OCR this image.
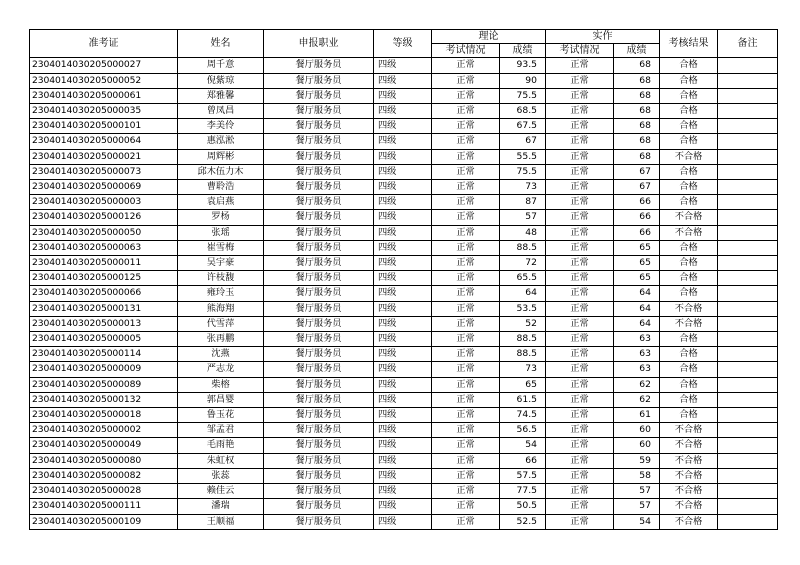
准考证	姓名	申报职业	等级	理论		实作		考核结果	备注
				考试情况	成绩	考试情况	成绩		
2304014030205000027	周千意	餐厅服务员	四级	正常	93.5	正常	68	合格	
2304014030205000052	倪紫琼	餐厅服务员	四级	正常	90	正常	68	合格	
2304014030205000061	郑雅馨	餐厅服务员	四级	正常	75.5	正常	68	合格	
2304014030205000035	曾凤昌	餐厅服务员	四级	正常	68.5	正常	68	合格	
2304014030205000101	李美伶	餐厅服务员	四级	正常	67.5	正常	68	合格	
2304014030205000064	惠泓淞	餐厅服务员	四级	正常	67	正常	68	合格	
2304014030205000021	周辉彬	餐厅服务员	四级	正常	55.5	正常	68	不合格	
2304014030205000073	邱木伍力木	餐厅服务员	四级	正常	75.5	正常	67	合格	
2304014030205000069	曹聆浩	餐厅服务员	四级	正常	73	正常	67	合格	
2304014030205000003	袁启燕	餐厅服务员	四级	正常	87	正常	66	合格	
2304014030205000126	罗杨	餐厅服务员	四级	正常	57	正常	66	不合格	
2304014030205000050	张瑶	餐厅服务员	四级	正常	48	正常	66	不合格	
2304014030205000063	崔雪梅	餐厅服务员	四级	正常	88.5	正常	65	合格	
2304014030205000011	吴宇豪	餐厅服务员	四级	正常	72	正常	65	合格	
2304014030205000125	许枝馥	餐厅服务员	四级	正常	65.5	正常	65	合格	
2304014030205000066	雍玲玉	餐厅服务员	四级	正常	64	正常	64	合格	
2304014030205000131	熊海翔	餐厅服务员	四级	正常	53.5	正常	64	不合格	
2304014030205000013	代雪萍	餐厅服务员	四级	正常	52	正常	64	不合格	
2304014030205000005	张再鹏	餐厅服务员	四级	正常	88.5	正常	63	合格	
2304014030205000114	沈燕	餐厅服务员	四级	正常	88.5	正常	63	合格	
2304014030205000009	严志龙	餐厅服务员	四级	正常	73	正常	63	合格	
2304014030205000089	柴榕	餐厅服务员	四级	正常	65	正常	62	合格	
2304014030205000132	郭昌婴	餐厅服务员	四级	正常	61.5	正常	62	合格	
2304014030205000018	鲁玉花	餐厅服务员	四级	正常	74.5	正常	61	合格	
2304014030205000002	邹孟君	餐厅服务员	四级	正常	56.5	正常	60	不合格	
2304014030205000049	毛雨艳	餐厅服务员	四级	正常	54	正常	60	不合格	
2304014030205000080	朱虹权	餐厅服务员	四级	正常	66	正常	59	不合格	
2304014030205000082	张蕊	餐厅服务员	四级	正常	57.5	正常	58	不合格	
2304014030205000028	赖佳云	餐厅服务员	四级	正常	77.5	正常	57	不合格	
2304014030205000111	潘瑞	餐厅服务员	四级	正常	50.5	正常	57	不合格	
2304014030205000109	王顺福	餐厅服务员	四级	正常	52.5	正常	54	不合格	
